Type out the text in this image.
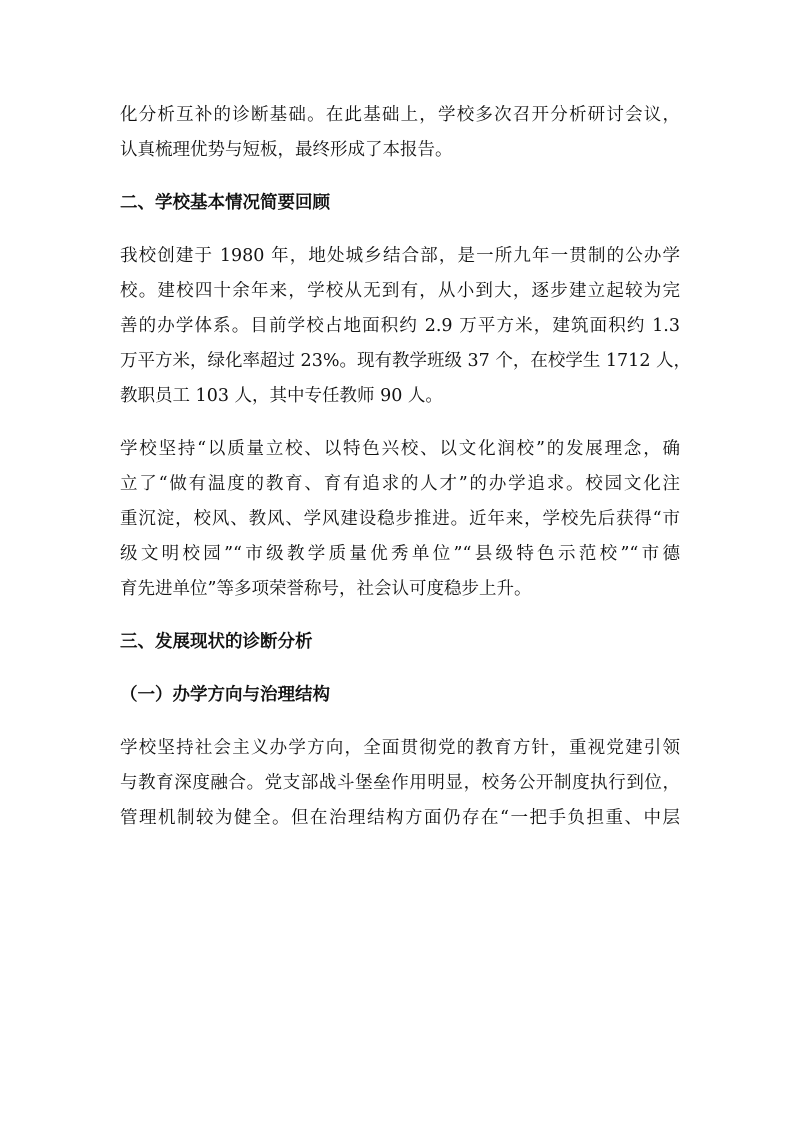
化分析互补的诊断基础。在此基础上，学校多次召开分析研讨会议，
认真梳理优势与短板，最终形成了本报告。
二、学校基本情况简要回顾
我校创建于 1980 年，地处城乡结合部，是一所九年一贯制的公办学
校。建校四十余年来，学校从无到有，从小到大，逐步建立起较为完
善的办学体系。目前学校占地面积约 2.9 万平方米，建筑面积约 1.3
万平方米，绿化率超过 23%。现有教学班级 37 个，在校学生 1712 人，
教职员工 103 人，其中专任教师 90 人。
学校坚持“以质量立校、以特色兴校、以文化润校”的发展理念，确
立了“做有温度的教育、育有追求的人才”的办学追求。校园文化注
重沉淀，校风、教风、学风建设稳步推进。近年来，学校先后获得“市
级文明校园”“市级教学质量优秀单位”“县级特色示范校”“市德
育先进单位”等多项荣誉称号，社会认可度稳步上升。
三、发展现状的诊断分析
（一）办学方向与治理结构
学校坚持社会主义办学方向，全面贯彻党的教育方针，重视党建引领
与教育深度融合。党支部战斗堡垒作用明显，校务公开制度执行到位，
管理机制较为健全。但在治理结构方面仍存在“一把手负担重、中层
